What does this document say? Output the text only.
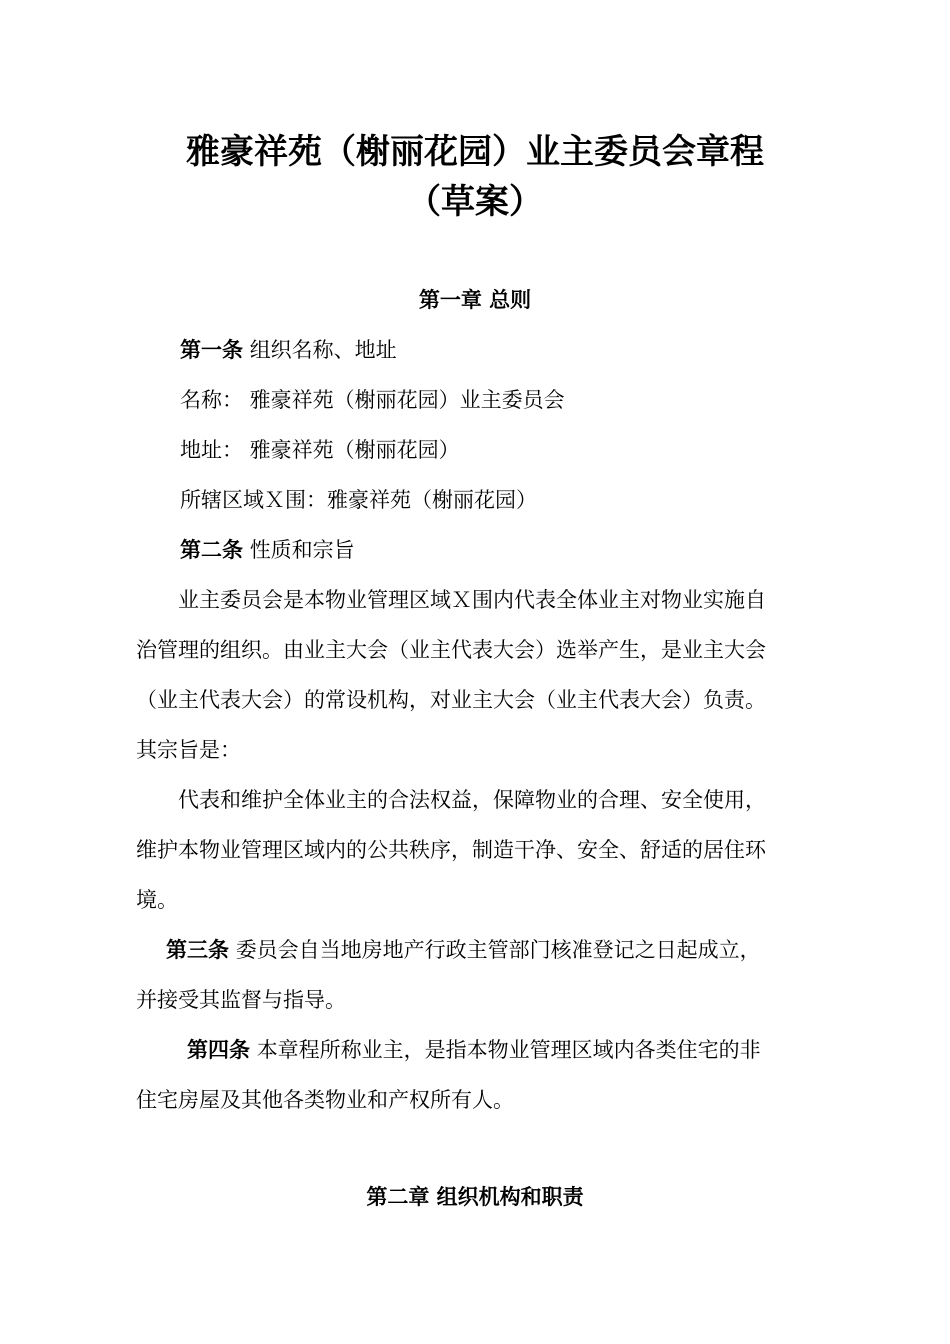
雅豪祥苑（榭丽花园）业主委员会章程
（草案）
第一章 总则
第一条 组织名称、地址
名称： 雅豪祥苑（榭丽花园）业主委员会
地址： 雅豪祥苑（榭丽花园）
所辖区域Ｘ围：雅豪祥苑（榭丽花园）
第二条 性质和宗旨
业主委员会是本物业管理区域Ｘ围内代表全体业主对物业实施自
治管理的组织。由业主大会（业主代表大会）选举产生，是业主大会
（业主代表大会）的常设机构，对业主大会（业主代表大会）负责。
其宗旨是：
代表和维护全体业主的合法权益，保障物业的合理、安全使用，
维护本物业管理区域内的公共秩序，制造干净、安全、舒适的居住环
境。
第三条 委员会自当地房地产行政主管部门核准登记之日起成立，
并接受其监督与指导。
第四条 本章程所称业主，是指本物业管理区域内各类住宅的非
住宅房屋及其他各类物业和产权所有人。
第二章 组织机构和职责
